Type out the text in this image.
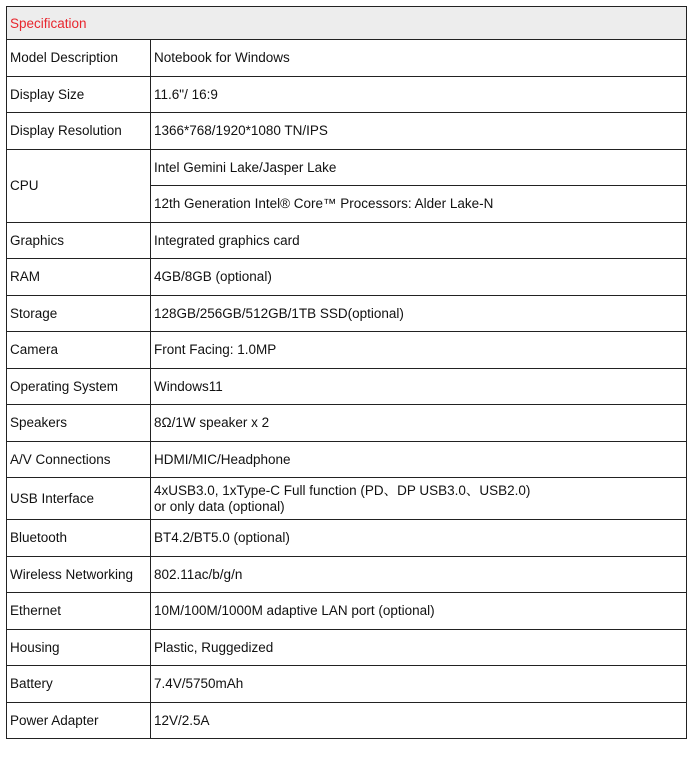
Specification	
Model Description	Notebook for Windows
Display Size	11.6"/ 16:9
Display Resolution	1366*768/1920*1080 TN/IPS
CPU	Intel Gemini Lake/Jasper Lake
	12th Generation Intel® Core™ Processors: Alder Lake-N
Graphics	Integrated graphics card
RAM	4GB/8GB (optional)
Storage	128GB/256GB/512GB/1TB SSD(optional)
Camera	Front Facing: 1.0MP
Operating System	Windows11
Speakers	8Ω/1W speaker x 2
A/V Connections	HDMI/MIC/Headphone
USB Interface	4xUSB3.0, 1xType-C Full function (PD、DP USB3.0、USB2.0)
or only data (optional)

Bluetooth	BT4.2/BT5.0 (optional)
Wireless Networking	802.11ac/b/g/n
Ethernet	10M/100M/1000M adaptive LAN port (optional)
Housing	Plastic, Ruggedized
Battery	7.4V/5750mAh
Power Adapter	12V/2.5A
